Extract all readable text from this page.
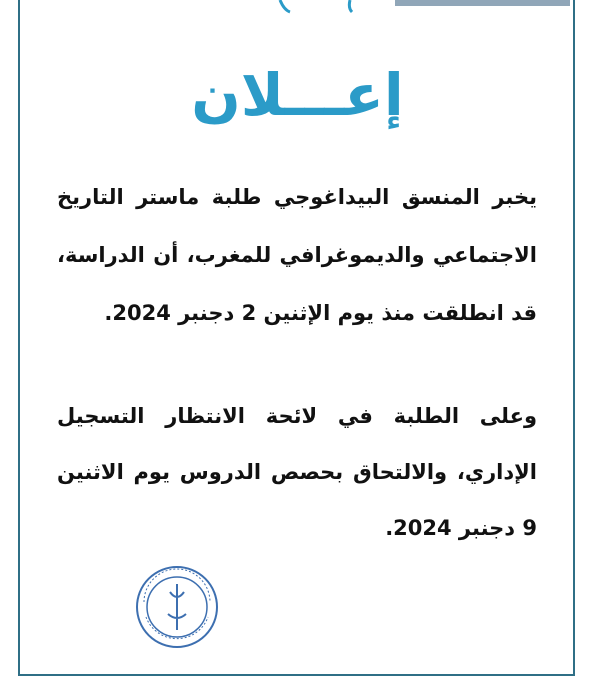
إعـــلان
يخبر المنسق البيداغوجي طلبة ماستر التاريخ الاجتماعي والديموغرافي للمغرب، أن الدراسة، قد انطلقت منذ يوم الإثنين 2 دجنبر 2024.
وعلى الطلبة في لائحة الانتظار التسجيل الإداري، والالتحاق بحصص الدروس يوم الاثنين 9 دجنبر 2024.
